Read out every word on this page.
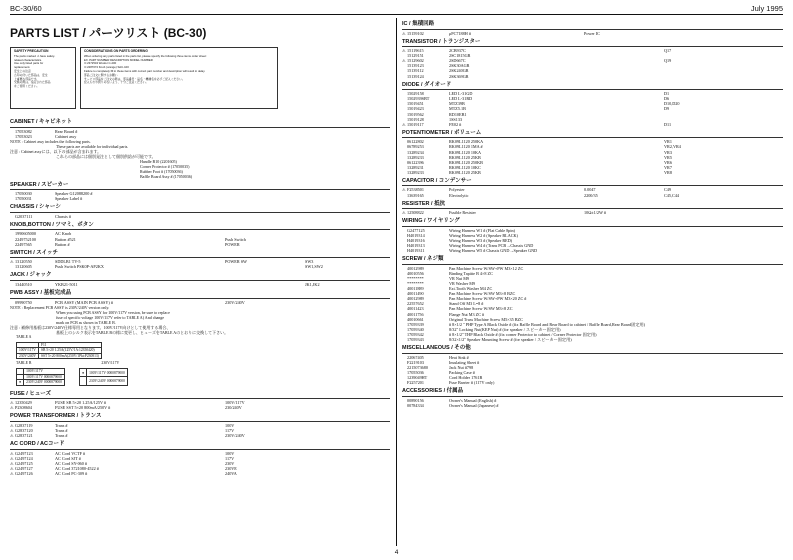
BC-30/60	July 1995
PARTS LIST / パーツリスト (BC-30)
SAFETY PRECAUTION
The parts marked ⚠ have safety-
related characteristics.
Use only listed parts for
replacement.
安全上の注意
⚠印の付いた部品は、安全
上重要な部品です。
交換の際は、指定された部品
をご使用ください。
CONSIDERATIONS ON PARTS ORDERING
When ordering any parts listed in the parts list, please specify the following three items order sheet:
EX. PART NUMBER DESCRIPTION MODEL NUMBER
⊙ 2372534 Woofer C-200
⊙ 2287072 Knob (orange) SAC-100
Failure to completely fill in these items with correct part number and description will result in delay.
部品ご注文に関するお願い
サービス部品をご注文の際は、部品番号・品名・機種名を必ずご記入ください。
記入もれや誤りのないよう、十分ご注意ください。
CABINET / キャビネット
17053082	Rear Board #
17053023	Cabinet assy
NOTE : Cabinet assy includes the following parts.
These parts are available for individual parts.
注意 : Cabinet assyには、以下の部品が含まれます。
これらの部品には個別発注として個別供給が可能です。
Handle B10 (2201605)
Corner Protector # (17050035)
Rubber Foot # (17050036)
Baffle Board Assy # (17050036)
SPEAKER / スピーカー
17050030	Speaker G12088200 #
17050031	Speaker Label #
CHASSIS / シャーシ
G2037111	Chassis #
KNOB,BOTTON / ツマミ、ボタン
1990605000	AC Knob
2249752100	Button #521	Push Switch
22497565	Button #	POWER
SWITCH / スイッチ
⚠ 13120550	SDDLB1 TV-5	POWER SW	SW3
13120605	Push Switch PSK0P-AP2KX	SW1,SW2
JACK / ジャック
13440510	YKB21-5011	JK1,JK2
PWB ASSY / 基板完成品
09990750	PCB ASSY (MAIN PCB ASSY) #	230V/240V
NOTE : Replacement PCB ASSY is 230V/240V version only.
When you using PCB ASSY for 100V/117V version, be sure to replace
fuse of specific voltage 100V/117V refer to TABLE A) And change
mark on PCB as shown in TABLE B.
注意 : 補修用基板は230V/240V仕様専用となります。100V/117V向けとして使用する場合、
基板上のシルク表示をTABLE Bの様に変更し、ヒューズをTABLE Aのとおりに交換して下さい。
TABLE A
	F11
100V/117V	SB 5×20 1.25A(125V/1A:12350420)
230V/240V	SST 5×20 800mA(250V/1Pkt:P230813)
TABLE B	230V/117V
	100V/117V
	100V/117V 0000879000
●	230V/240V 0000879000
●	100V/117V 0000879000
	230V/240V 0000879000
FUSE / ヒューズ
⚠ 12350429	FUSE SB 5×20 1.25A/125V #	100V/117V
⚠ P2308604	FUSE SST 5×20 800mA/250V #	230/240V
POWER TRANSFORMER / トランス
⚠ G2837119	Trans #	100V
⚠ G2837120	Trans #	117V
⚠ G2837121	Trans #	230V/240V
AC CORD / ACコード
⚠ G2497123	AC Cord VCTF #	100V
⚠ G2497124	AC Cord SJT #	117V
⚠ G2497125	AC Cord SY-060 #	230V
⚠ G2497127	AC Cord 3721080-4522 #	230VE
⚠ G2497126	AC Cord PC-309 #	240VA
IC / 集積回路
⚠ 15159102	μPC7188H #	Power IC
TRANSISTOR / トランジスター
⚠ 15119615	2CB937C	Q17
15129151	2SC1815GR
⚠ 15129602	2SD667C	Q19
15139123	2SK30AGR
15139112	2SK240GR
15139124	2SK369GR
DIODE / ダイオード
15029158	LED L-31GD	D1
1502939SBT	LED L-31RD	D6
15019451	MTZ39B	D10,D20
15019423	MTZ5.1B	D9
15019562	RD10EB1
15019128	1SS133
⚠ 15019117	FE02 #	D11
POTENTIOMETER / ボリューム
06122802	RK09L1120 250KA	VR1
06789253	RK09L1120 1MA #	VR2,VR4
13289234	RK09L1120 10KA	VR3
13289233	RK09L1120 25KB	VR5
06122396	RK09L1120 250KB	VR6
13289231	RK09L1120 10KC	VR7
13289233	RK09L1120 25KB	VR8
CAPACITOR / コンデンサー
⚠ F2538501	Polyester	0.0047	C49
13639165	Electrolytic	2200/35	C45,C44
RESISTER / 抵抗
⚠ 12508822	Fusible Resister	10Ω±1/2W #
WIRING / ワイヤリング
G2477125	Wiring Harness W1 # (Flat Cable 8pin)
H4019314	Wiring Harness W2 # (Speaker BLACK)
H4019316	Wiring Harness W3 # (Speaker RED)
H4019313	Wiring Harness W4 # (Trans PCB→Chassis GND
H4019311	Wiring Harness W5 # Chassis GND→Speaker GND
SCREW / ネジ類
40012989	Pan Machine Screw W/SW+PW M3×12 ZC
40010556	Binding Tapitte B 4×8 ZC
********	VR Nut M9
********	VR Washer M9
40011889	Ext.Tooth Washer M4 ZC
40011490	Pan Machine Screw W/SW M3×8 BZC
40012989	Pan Machine Screw W/SW+PW M3×20 ZC #
22557652	Stand Off M3 L=8 #
40011423	Pan Machine Screw W/SW M3×8 ZC
40011756	Flange Nut M3 ZC #
40010661	Original Truss Machine Screw M5×35 BZC
17059339	# 8×1/2 " PHP Type A Black Oxide # (fix Baffle Board and Rear Board to cabinet / Baffle Board,Rear Board固定用)
17059340	8/32" Locking Nut(KEP Nut) # (for speaker / スピーカー固定用)
17059342	# 8×1/2" THP Black Oxide # (fix corner Protector to cabinet / Corner Protector 固定用)
17059343	8/32×1/2" Speaker Mounting Screw # (for speaker / スピーカー固定用)
MISCELLANEOUS / その他
22067405	Heat Sink #
F2219103	Insulating Sheet #
2215073680	Jack Nut #798
17055036	Packing Case #
1239049HT	Cord Holder 1761B
F2257201	Fuse Barrier # (117V only)
ACCESSORIES / 付属品
00890156	Owner's Manual (English) #
00784334	Owner's Manual (Japanese) #
4
